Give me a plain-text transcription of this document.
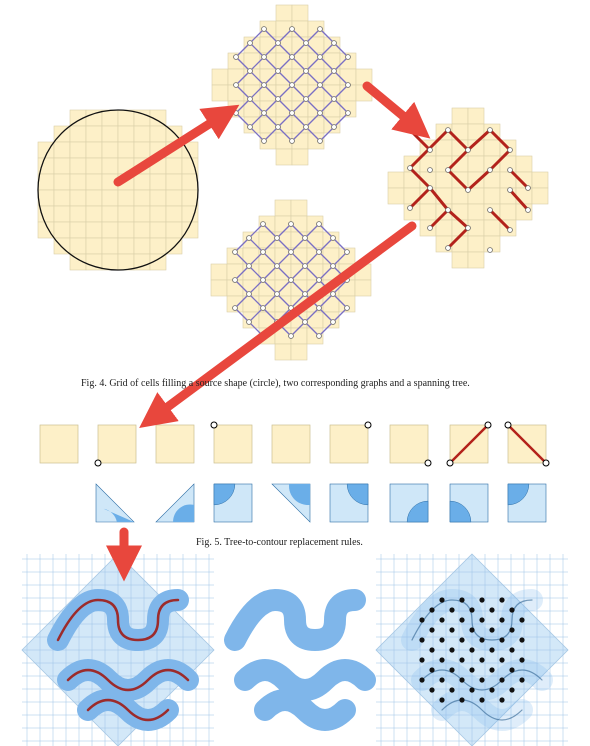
Fig. 4. Grid of cells filling a source shape (circle), two corresponding graphs and a spanning tree.
Fig. 5. Tree-to-contour replacement rules.
